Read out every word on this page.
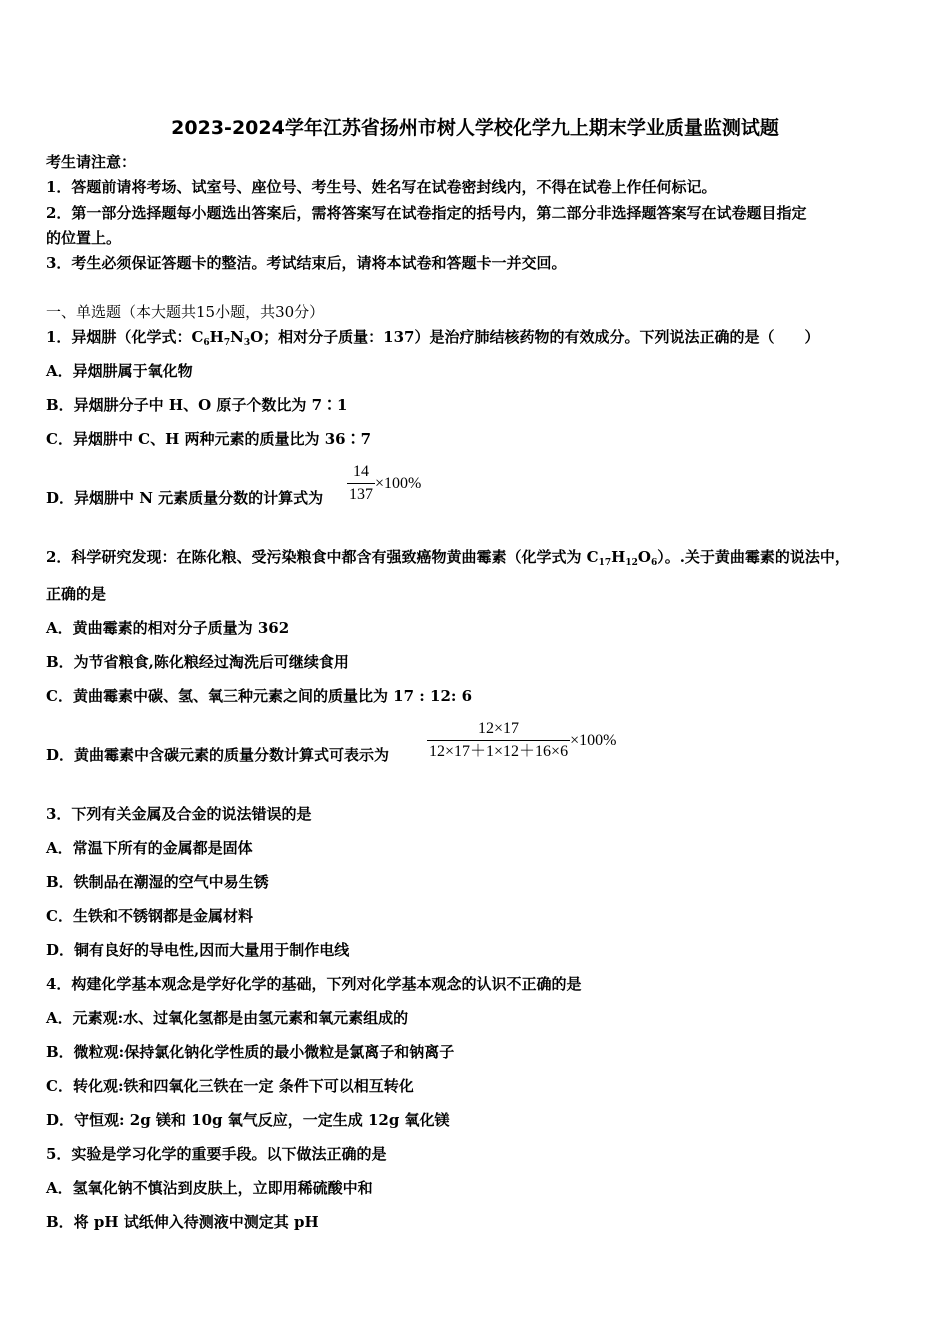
2023-2024学年江苏省扬州市树人学校化学九上期末学业质量监测试题
考生请注意：
1．答题前请将考场、试室号、座位号、考生号、姓名写在试卷密封线内，不得在试卷上作任何标记。
2．第一部分选择题每小题选出答案后，需将答案写在试卷指定的括号内，第二部分非选择题答案写在试卷题目指定
的位置上。
3．考生必须保证答题卡的整洁。考试结束后，请将本试卷和答题卡一并交回。
一、单选题（本大题共15小题，共30分）
1．异烟肼（化学式：$C_6H_7N_3O$；相对分子质量：137）是治疗肺结核药物的有效成分。下列说法正确的是（　　）
A．异烟肼属于氧化物
B．异烟肼分子中 H、O 原子个数比为 7∶1
C．异烟肼中 C、H 两种元素的质量比为 36∶7
D．异烟肼中 N 元素质量分数的计算式为 $\frac{14}{137} \times 100\%$
2．科学研究发现：在陈化粮、受污染粮食中都含有强致癌物黄曲霉素（化学式为 $C_{17}H_{12}O_6$）。.关于黄曲霉素的说法中，
正确的是
A．黄曲霉素的相对分子质量为 362
B．为节省粮食,陈化粮经过淘洗后可继续食用
C．黄曲霉素中碳、氢、氧三种元素之间的质量比为 17 : 12: 6
D．黄曲霉素中含碳元素的质量分数计算式可表示为 $\frac{12\times 17}{12\times 17+1\times 12+16\times 6} \times 100\%$
3．下列有关金属及合金的说法错误的是
A．常温下所有的金属都是固体
B．铁制品在潮湿的空气中易生锈
C．生铁和不锈钢都是金属材料
D．铜有良好的导电性,因而大量用于制作电线
4．构建化学基本观念是学好化学的基础，下列对化学基本观念的认识不正确的是
A．元素观:水、过氧化氢都是由氢元素和氧元素组成的
B．微粒观:保持氯化钠化学性质的最小微粒是氯离子和钠离子
C．转化观:铁和四氧化三铁在一定 条件下可以相互转化
D．守恒观: 2g 镁和 10g 氧气反应，一定生成 12g 氧化镁
5．实验是学习化学的重要手段。以下做法正确的是
A．氢氧化钠不慎沾到皮肤上，立即用稀硫酸中和
B．将 pH 试纸伸入待测液中测定其 pH
